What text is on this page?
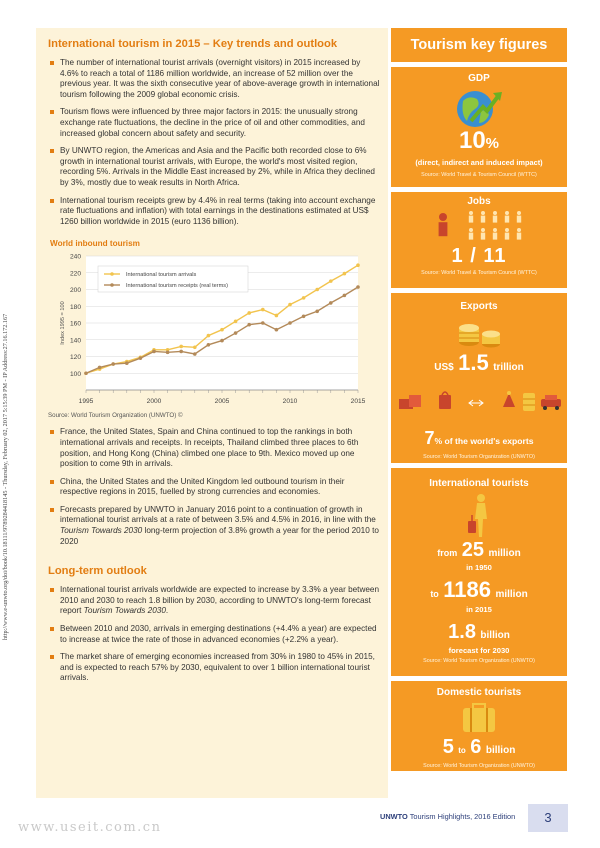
http://www.e-unwto.org/doi/book/10.18111/9789284418145 - Thursday, February 02, 2017 5:15:39 PM - IP Address:27.16.172.167
International tourism in 2015 – Key trends and outlook
The number of international tourist arrivals (overnight visitors) in 2015 increased by 4.6% to reach a total of 1186 million worldwide, an increase of 52 million over the previous year. It was the sixth consecutive year of above-average growth in international tourism following the 2009 global economic crisis.
Tourism flows were influenced by three major factors in 2015: the unusually strong exchange rate fluctuations, the decline in the price of oil and other commodities, and increased global concern about safety and security.
By UNWTO region, the Americas and Asia and the Pacific both recorded close to 6% growth in international tourist arrivals, with Europe, the world's most visited region, recording 5%. Arrivals in the Middle East increased by 2%, while in Africa they declined by 3%, mostly due to weak results in North Africa.
International tourism receipts grew by 4.4% in real terms (taking into account exchange rate fluctuations and inflation) with total earnings in the destinations estimated at US$ 1260 billion worldwide in 2015 (euro 1136 billion).
World inbound tourism
100
120
140
160
180
200
220
240
1995	2000	2005	2010	2015
Index 1995 = 100
International tourism arrivals
International tourism receipts (real terms)
Source: World Tourism Organization (UNWTO) ©
France, the United States, Spain and China continued to top the rankings in both international arrivals and receipts. In receipts, Thailand climbed three places to 6th position, and Hong Kong (China) climbed one place to 9th. Mexico moved up one position to come 9th in arrivals.
China, the United States and the United Kingdom led outbound tourism in their respective regions in 2015, fuelled by strong currencies and economies.
Forecasts prepared by UNWTO in January 2016 point to a continuation of growth in international tourist arrivals at a rate of between 3.5% and 4.5% in 2016, in line with the Tourism Towards 2030 long-term projection of 3.8% growth a year for the period 2010 to 2020
Long-term outlook
International tourist arrivals worldwide are expected to increase by 3.3% a year between 2010 and 2030 to reach 1.8 billion by 2030, according to UNWTO's long-term forecast report Tourism Towards 2030.
Between 2010 and 2030, arrivals in emerging destinations (+4.4% a year) are expected to increase at twice the rate of those in advanced economies (+2.2% a year).
The market share of emerging economies increased from 30% in 1980 to 45% in 2015, and is expected to reach 57% by 2030, equivalent to over 1 billion international tourist arrivals.
Tourism key figures
GDP
10%
(direct, indirect and induced impact)
Source: World Travel & Tourism Council (WTTC)
Jobs
1 / 11
Source: World Travel & Tourism Council (WTTC)
Exports
US$ 1.5 trillion
7% of the world's exports
Source: World Tourism Organization (UNWTO)
International tourists
from 25 million
in 1950
to 1186 million
in 2015
1.8 billion
forecast for 2030
Source: World Tourism Organization (UNWTO)
Domestic tourists
5 to 6 billion
Source: World Tourism Organization (UNWTO)
UNWTO Tourism Highlights, 2016 Edition	3
www.useit.com.cn
